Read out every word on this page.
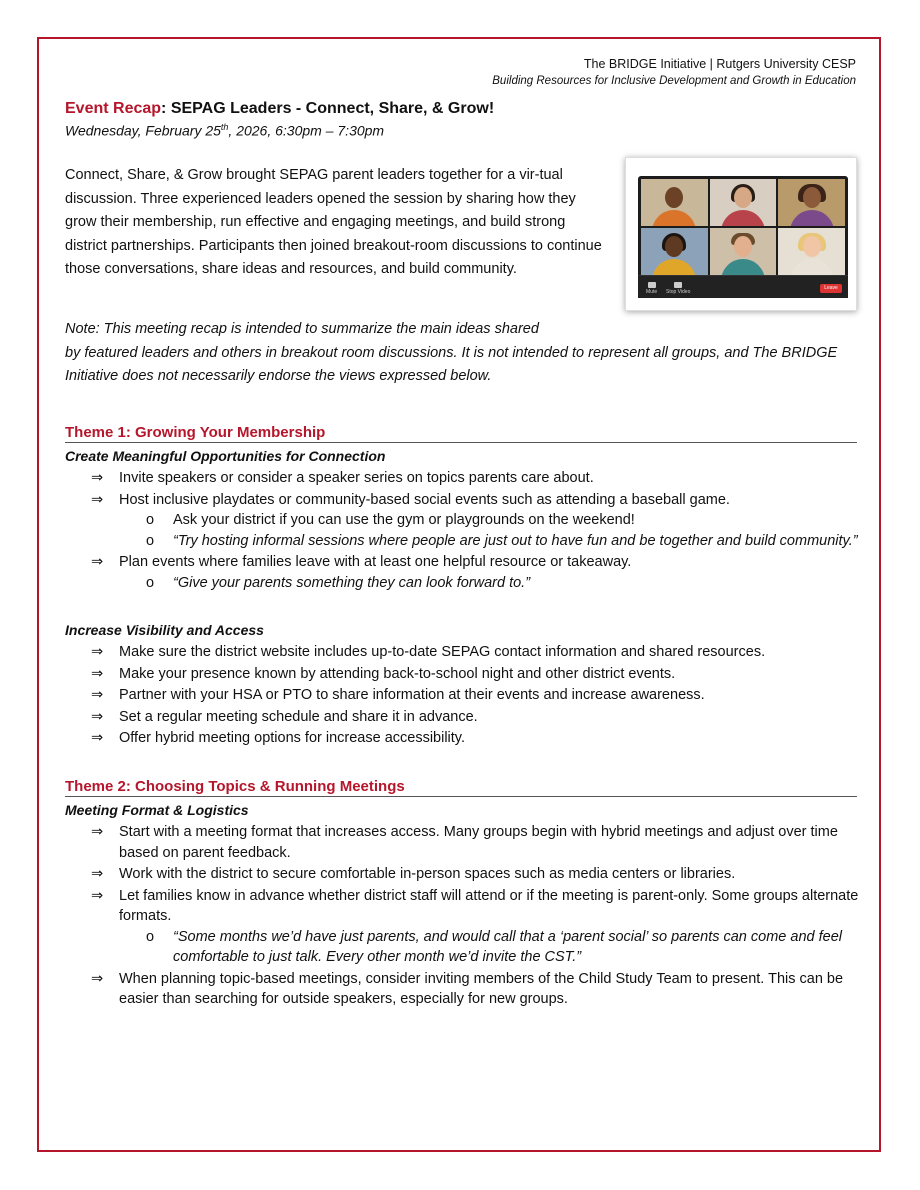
The BRIDGE Initiative | Rutgers University CESP
Building Resources for Inclusive Development and Growth in Education
Event Recap: SEPAG Leaders - Connect, Share, & Grow!
Wednesday, February 25th, 2026, 6:30pm – 7:30pm
Connect, Share, & Grow brought SEPAG parent leaders together for a vir-tual discussion. Three experienced leaders opened the session by sharing how they grow their membership, run effective and engaging meetings, and build strong district partnerships. Participants then joined breakout-room discussions to continue those conversations, share ideas and resources, and build community.
Mute Stop Video
Leave
Note: This meeting recap is intended to summarize the main ideas shared
by featured leaders and others in breakout room discussions. It is not intended to represent all groups, and The BRIDGE Initiative does not necessarily endorse the views expressed below.
Theme 1: Growing Your Membership
Create Meaningful Opportunities for Connection
⇒ Invite speakers or consider a speaker series on topics parents care about.
⇒ Host inclusive playdates or community-based social events such as attending a baseball game.
o	Ask your district if you can use the gym or playgrounds on the weekend!
o	“Try hosting informal sessions where people are just out to have fun and be together and build community.”
⇒ Plan events where families leave with at least one helpful resource or takeaway.
o	“Give your parents something they can look forward to.”
Increase Visibility and Access
⇒ Make sure the district website includes up-to-date SEPAG contact information and shared resources.
⇒ Make your presence known by attending back-to-school night and other district events.
⇒ Partner with your HSA or PTO to share information at their events and increase awareness.
⇒ Set a regular meeting schedule and share it in advance.
⇒ Offer hybrid meeting options for increase accessibility.
Theme 2: Choosing Topics & Running Meetings
Meeting Format & Logistics
⇒ Start with a meeting format that increases access. Many groups begin with hybrid meetings and adjust over time based on parent feedback.
⇒ Work with the district to secure comfortable in-person spaces such as media centers or libraries.
⇒ Let families know in advance whether district staff will attend or if the meeting is parent-only. Some groups alternate formats.
o	“Some months we’d have just parents, and would call that a ‘parent social’ so parents can come and feel comfortable to just talk. Every other month we’d invite the CST.”
⇒ When planning topic-based meetings, consider inviting members of the Child Study Team to present. This can be easier than searching for outside speakers, especially for new groups.
